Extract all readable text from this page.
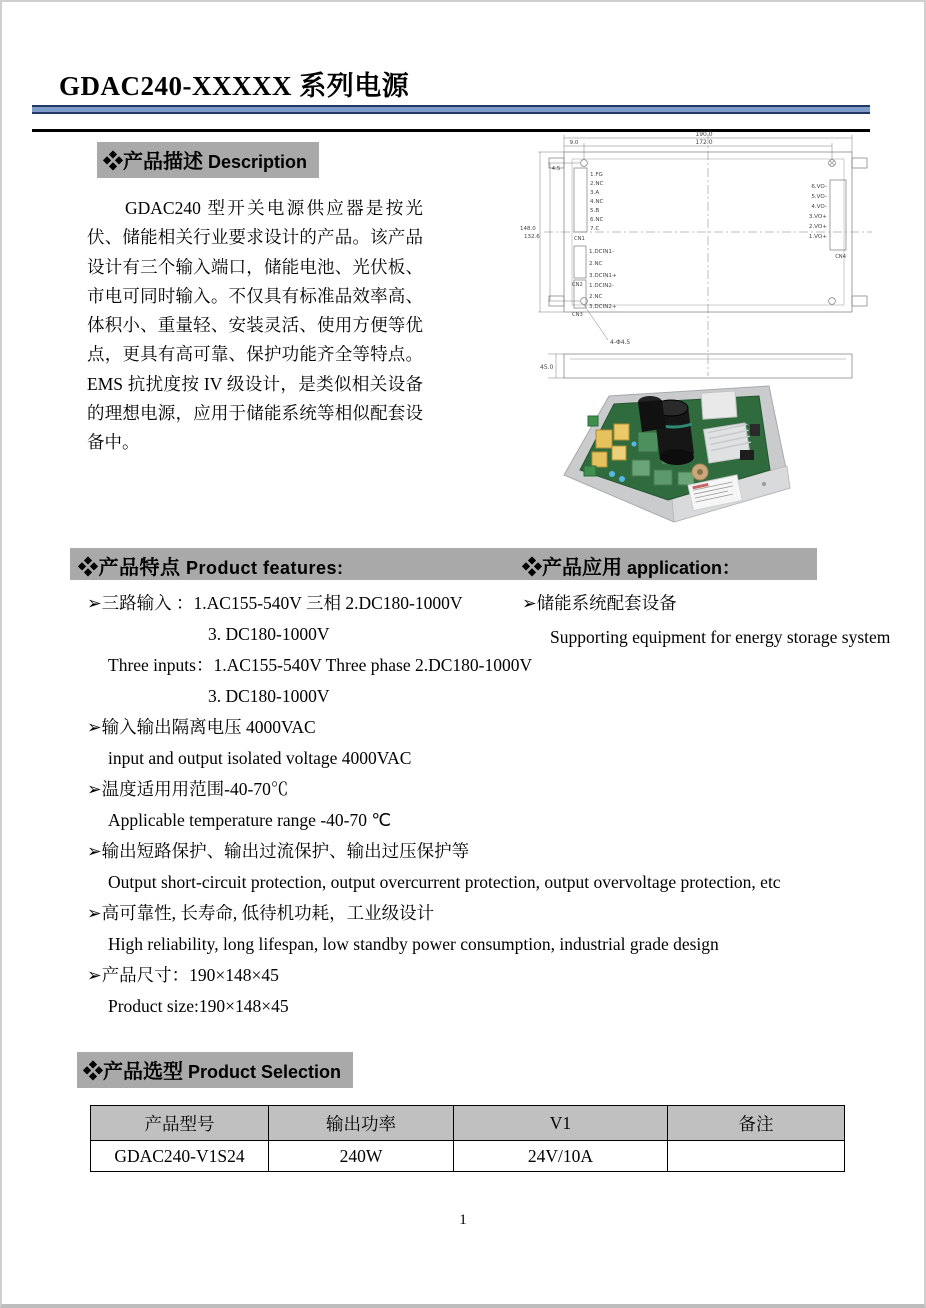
GDAC240-XXXXX 系列电源
❖产品描述 Description
GDAC240 型开关电源供应器是按光伏、储能相关行业要求设计的产品。该产品设计有三个输入端口，储能电池、光伏板、市电可同时输入。不仅具有标准品效率高、体积小、重量轻、安装灵活、使用方便等优点，更具有高可靠、保护功能齐全等特点。EMS 抗扰度按 IV 级设计，是类似相关设备的理想电源，应用于储能系统等相似配套设备中。
190.0
172.0
9.0
4.5
148.0
132.6
4-Φ4.5
45.0
1.FG
2.NC
3.A
4.NC
5.B
6.NC
7.C
CN1
1.DCIN1-
2.NC
3.DCIN1+
CN2 1.DCIN2-
2.NC
3.DCIN2+
CN3
6.VO-
5.VO-
4.VO-
3.VO+
2.VO+
1.VO+
CN4
❖产品特点 Product features:	❖产品应用 application：
➢三路输入 ：1.AC155-540V 三相 2.DC180-1000V
3. DC180-1000V
Three inputs：1.AC155-540V Three phase 2.DC180-1000V
3. DC180-1000V
➢输入输出隔离电压 4000VAC
input and output isolated voltage 4000VAC
➢温度适用用范围-40-70℃
Applicable temperature range -40-70 ℃
➢输出短路保护、输出过流保护、输出过压保护等
Output short-circuit protection, output overcurrent protection, output overvoltage protection, etc
➢高可靠性, 长寿命, 低待机功耗，工业级设计
High reliability, long lifespan, low standby power consumption, industrial grade design
➢产品尺寸：190×148×45
Product size:190×148×45
➢储能系统配套设备
Supporting equipment for energy storage system
❖产品选型 Product Selection
产品型号	输出功率	V1	备注
GDAC240-V1S24	240W	24V/10A	
1
